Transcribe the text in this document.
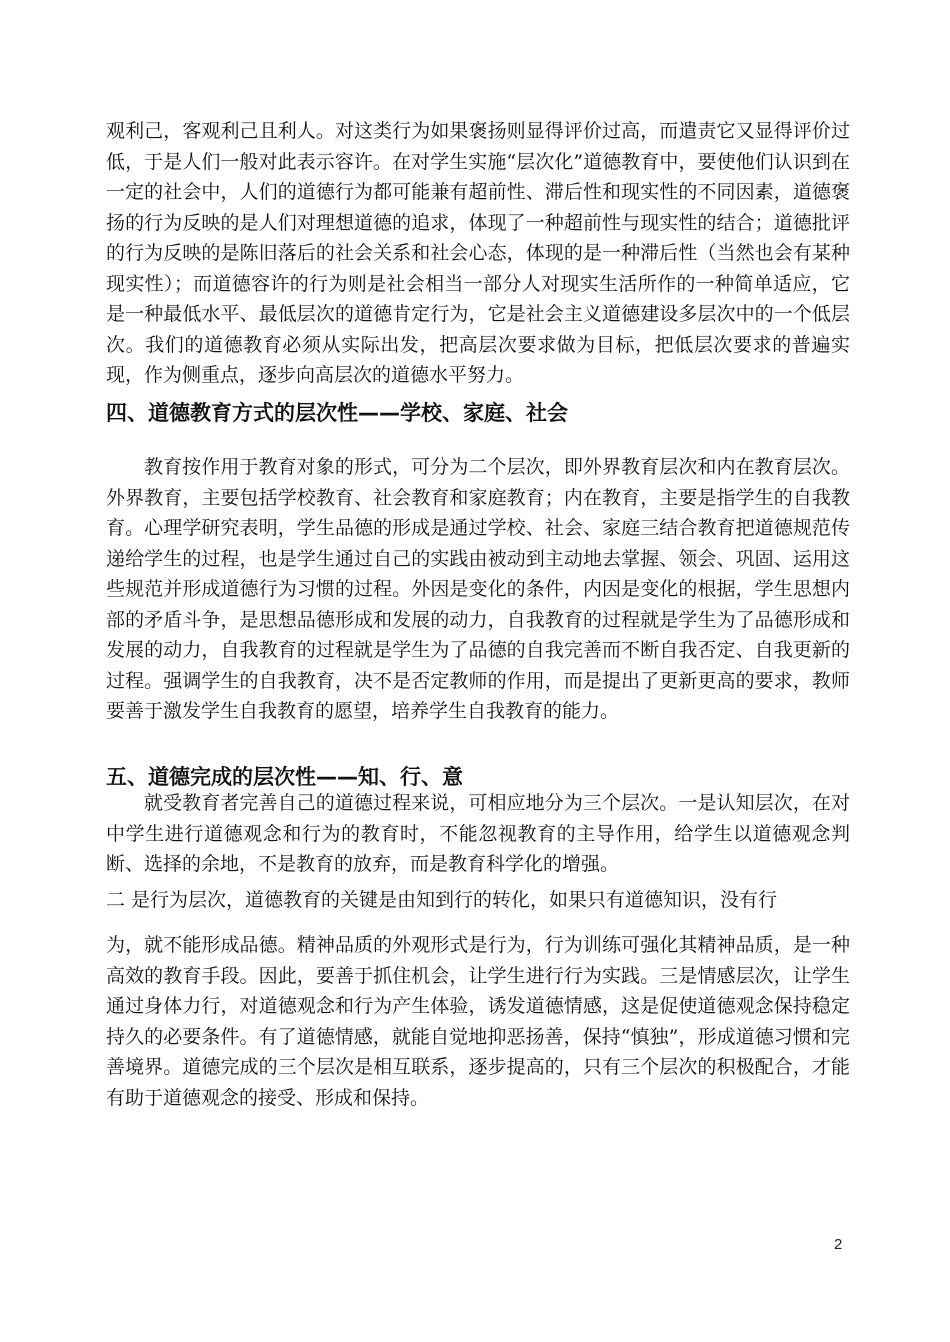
观利己，客观利己且利人。对这类行为如果褒扬则显得评价过高，而遣责它又显得评价过低，于是人们一般对此表示容许。在对学生实施“层次化”道德教育中，要使他们认识到在一定的社会中，人们的道德行为都可能兼有超前性、滞后性和现实性的不同因素，道德褒扬的行为反映的是人们对理想道德的追求，体现了一种超前性与现实性的结合；道德批评的行为反映的是陈旧落后的社会关系和社会心态，体现的是一种滞后性（当然也会有某种现实性）；而道德容许的行为则是社会相当一部分人对现实生活所作的一种简单适应，它是一种最低水平、最低层次的道德肯定行为，它是社会主义道德建设多层次中的一个低层次。我们的道德教育必须从实际出发，把高层次要求做为目标，把低层次要求的普遍实现，作为侧重点，逐步向高层次的道德水平努力。

四、道德教育方式的层次性——学校、家庭、社会

教育按作用于教育对象的形式，可分为二个层次，即外界教育层次和内在教育层次。外界教育，主要包括学校教育、社会教育和家庭教育；内在教育，主要是指学生的自我教育。心理学研究表明，学生品德的形成是通过学校、社会、家庭三结合教育把道德规范传递给学生的过程，也是学生通过自己的实践由被动到主动地去掌握、领会、巩固、运用这些规范并形成道德行为习惯的过程。外因是变化的条件，内因是变化的根据，学生思想内部的矛盾斗争，是思想品德形成和发展的动力，自我教育的过程就是学生为了品德形成和发展的动力，自我教育的过程就是学生为了品德的自我完善而不断自我否定、自我更新的过程。强调学生的自我教育，决不是否定教师的作用，而是提出了更新更高的要求，教师要善于激发学生自我教育的愿望，培养学生自我教育的能力。

五、道德完成的层次性——知、行、意

就受教育者完善自己的道德过程来说，可相应地分为三个层次。一是认知层次，在对中学生进行道德观念和行为的教育时，不能忽视教育的主导作用，给学生以道德观念判断、选择的余地，不是教育的放弃，而是教育科学化的增强。

二 是行为层次，道德教育的关键是由知到行的转化，如果只有道德知识，没有行

为，就不能形成品德。精神品质的外观形式是行为，行为训练可强化其精神品质，是一种高效的教育手段。因此，要善于抓住机会，让学生进行行为实践。三是情感层次，让学生通过身体力行，对道德观念和行为产生体验，诱发道德情感，这是促使道德观念保持稳定持久的必要条件。有了道德情感，就能自觉地抑恶扬善，保持“慎独”，形成道德习惯和完善境界。道德完成的三个层次是相互联系，逐步提高的，只有三个层次的积极配合，才能有助于道德观念的接受、形成和保持。

2
